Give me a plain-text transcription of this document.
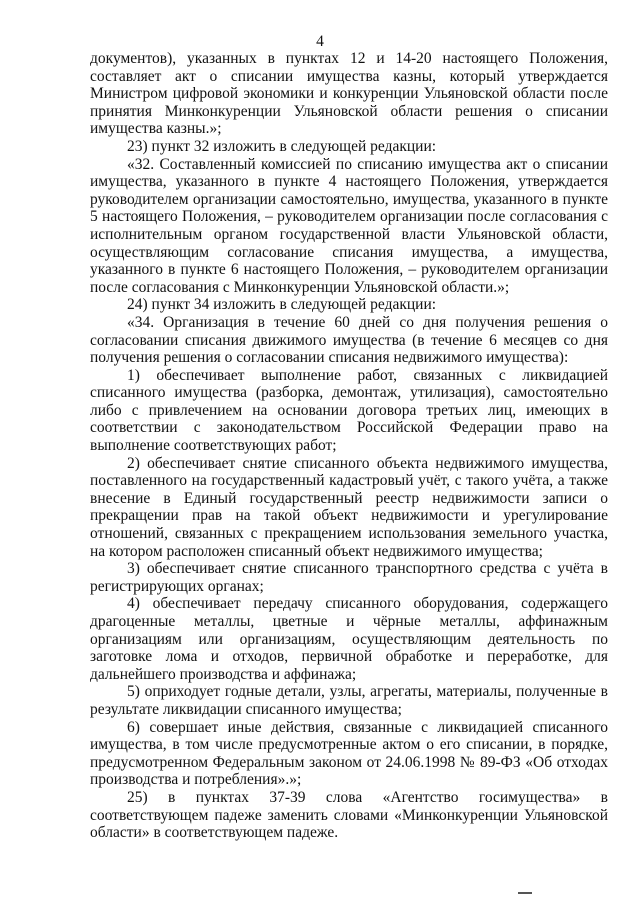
4

документов), указанных в пунктах 12 и 14-20 настоящего Положения, составляет акт о списании имущества казны, который утверждается Министром цифровой экономики и конкуренции Ульяновской области после принятия Минконкуренции Ульяновской области решения о списании имущества казны.»;

23) пункт 32 изложить в следующей редакции:

«32. Составленный комиссией по списанию имущества акт о списании имущества, указанного в пункте 4 настоящего Положения, утверждается руководителем организации самостоятельно, имущества, указанного в пункте 5 настоящего Положения, – руководителем организации после согласования с исполнительным органом государственной власти Ульяновской области, осуществляющим согласование списания имущества, а имущества, указанного в пункте 6 настоящего Положения, – руководителем организации после согласования с Минконкуренции Ульяновской области.»;

24) пункт 34 изложить в следующей редакции:

«34. Организация в течение 60 дней со дня получения решения о согласовании списания движимого имущества (в течение 6 месяцев со дня получения решения о согласовании списания недвижимого имущества):

1) обеспечивает выполнение работ, связанных с ликвидацией списанного имущества (разборка, демонтаж, утилизация), самостоятельно либо с привлечением на основании договора третьих лиц, имеющих в соответствии с законодательством Российской Федерации право на выполнение соответствующих работ;

2) обеспечивает снятие списанного объекта недвижимого имущества, поставленного на государственный кадастровый учёт, с такого учёта, а также внесение в Единый государственный реестр недвижимости записи о прекращении прав на такой объект недвижимости и урегулирование отношений, связанных с прекращением использования земельного участка, на котором расположен списанный объект недвижимого имущества;

3) обеспечивает снятие списанного транспортного средства с учёта в регистрирующих органах;

4) обеспечивает передачу списанного оборудования, содержащего драгоценные металлы, цветные и чёрные металлы, аффинажным организациям или организациям, осуществляющим деятельность по заготовке лома и отходов, первичной обработке и переработке, для дальнейшего производства и аффинажа;

5) оприходует годные детали, узлы, агрегаты, материалы, полученные в результате ликвидации списанного имущества;

6) совершает иные действия, связанные с ликвидацией списанного имущества, в том числе предусмотренные актом о его списании, в порядке, предусмотренном Федеральным законом от 24.06.1998 № 89-ФЗ «Об отходах производства и потребления».»;

25) в пунктах 37-39 слова «Агентство госимущества» в соответствующем падеже заменить словами «Минконкуренции Ульяновской области» в соответствующем падеже.
